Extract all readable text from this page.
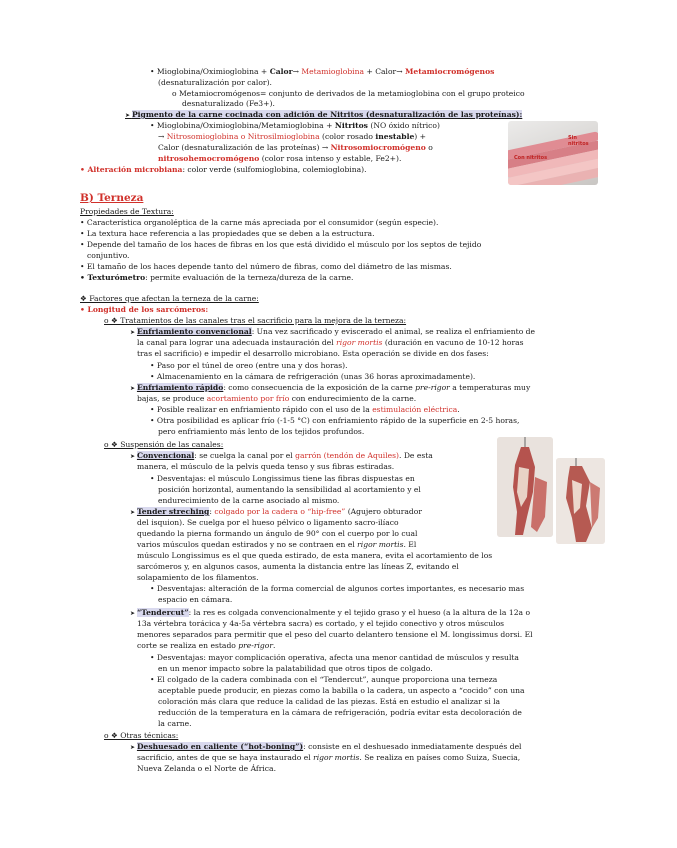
• Mioglobina/Oximioglobina + Calor→ Metamioglobina + Calor→ Metamiocromógenos
(desnaturalización por calor).
o Metamiocromógenos= conjunto de derivados de la metamioglobina con el grupo proteico
desnaturalizado (Fe3+).
➤ Pigmento de la carne cocinada con adición de Nitritos (desnaturalización de las proteínas):
• Mioglobina/Oximioglobina/Metamioglobina + Nitritos (NO óxido nítrico)
→ Nitrosomioglobina o Nitrosilmioglobina (color rosado inestable) +
Calor (desnaturalización de las proteínas) → Nitrosomiocromógeno o
nitrosohemocromógeno (color rosa intenso y estable, Fe2+).
• Alteración microbiana: color verde (sulfomioglobina, colemioglobina).
Sin nitritos
Con nitritos
B) Terneza
Propiedades de Textura:
• Característica organoléptica de la carne más apreciada por el consumidor (según especie).
• La textura hace referencia a las propiedades que se deben a la estructura.
• Depende del tamaño de los haces de fibras en los que está dividido el músculo por los septos de tejido
conjuntivo.
• El tamaño de los haces depende tanto del número de fibras, como del diámetro de las mismas.
• Texturómetro: permite evaluación de la terneza/dureza de la carne.
❖ Factores que afectan la terneza de la carne:
• Longitud de los sarcómeros:
o ❖ Tratamientos de las canales tras el sacrificio para la mejora de la terneza:
➤ Enfriamiento convencional: Una vez sacrificado y eviscerado el animal, se realiza el enfriamiento de
la canal para lograr una adecuada instauración del rigor mortis (duración en vacuno de 10-12 horas
tras el sacrificio) e impedir el desarrollo microbiano. Esta operación se divide en dos fases:
• Paso por el túnel de oreo (entre una y dos horas).
• Almacenamiento en la cámara de refrigeración (unas 36 horas aproximadamente).
➤ Enfriamiento rápido: como consecuencia de la exposición de la carne pre-rigor a temperaturas muy
bajas, se produce acortamiento por frío con endurecimiento de la carne.
• Posible realizar en enfriamiento rápido con el uso de la estimulación eléctrica.
• Otra posibilidad es aplicar frío (-1-5 °C) con enfriamiento rápido de la superficie en 2-5 horas,
pero enfriamiento más lento de los tejidos profundos.
o ❖ Suspensión de las canales:
➤ Convencional: se cuelga la canal por el garrón (tendón de Aquiles). De esta
manera, el músculo de la pelvis queda tenso y sus fibras estiradas.
• Desventajas: el músculo Longissimus tiene las fibras dispuestas en
posición horizontal, aumentando la sensibilidad al acortamiento y el
endurecimiento de la carne asociado al mismo.
➤ Tender streching: colgado por la cadera o “hip-free” (Agujero obturador
del isquion). Se cuelga por el hueso pélvico o ligamento sacro-ilíaco
quedando la pierna formando un ángulo de 90° con el cuerpo por lo cual
varios músculos quedan estirados y no se contraen en el rigor mortis. El
músculo Longissimus es el que queda estirado, de esta manera, evita el acortamiento de los
sarcómeros y, en algunos casos, aumenta la distancia entre las líneas Z, evitando el
solapamiento de los filamentos.
• Desventajas: alteración de la forma comercial de algunos cortes importantes, es necesario mas
espacio en cámara.
➤ “Tendercut”: la res es colgada convencionalmente y el tejido graso y el hueso (a la altura de la 12a o
13a vértebra torácica y 4a-5a vértebra sacra) es cortado, y el tejido conectivo y otros músculos
menores separados para permitir que el peso del cuarto delantero tensione el M. longissimus dorsi. El
corte se realiza en estado pre-rigor.
• Desventajas: mayor complicación operativa, afecta una menor cantidad de músculos y resulta
en un menor impacto sobre la palatabilidad que otros tipos de colgado.
• El colgado de la cadera combinada con el “Tendercut”, aunque proporciona una terneza
aceptable puede producir, en piezas como la babilla o la cadera, un aspecto a “cocido” con una
coloración más clara que reduce la calidad de las piezas. Está en estudio el analizar si la
reducción de la temperatura en la cámara de refrigeración, podría evitar esta decoloración de
la carne.
o ❖ Otras técnicas:
➤ Deshuesado en caliente (“hot-boning”): consiste en el deshuesado inmediatamente después del
sacrificio, antes de que se haya instaurado el rigor mortis. Se realiza en países como Suiza, Suecia,
Nueva Zelanda o el Norte de África.
